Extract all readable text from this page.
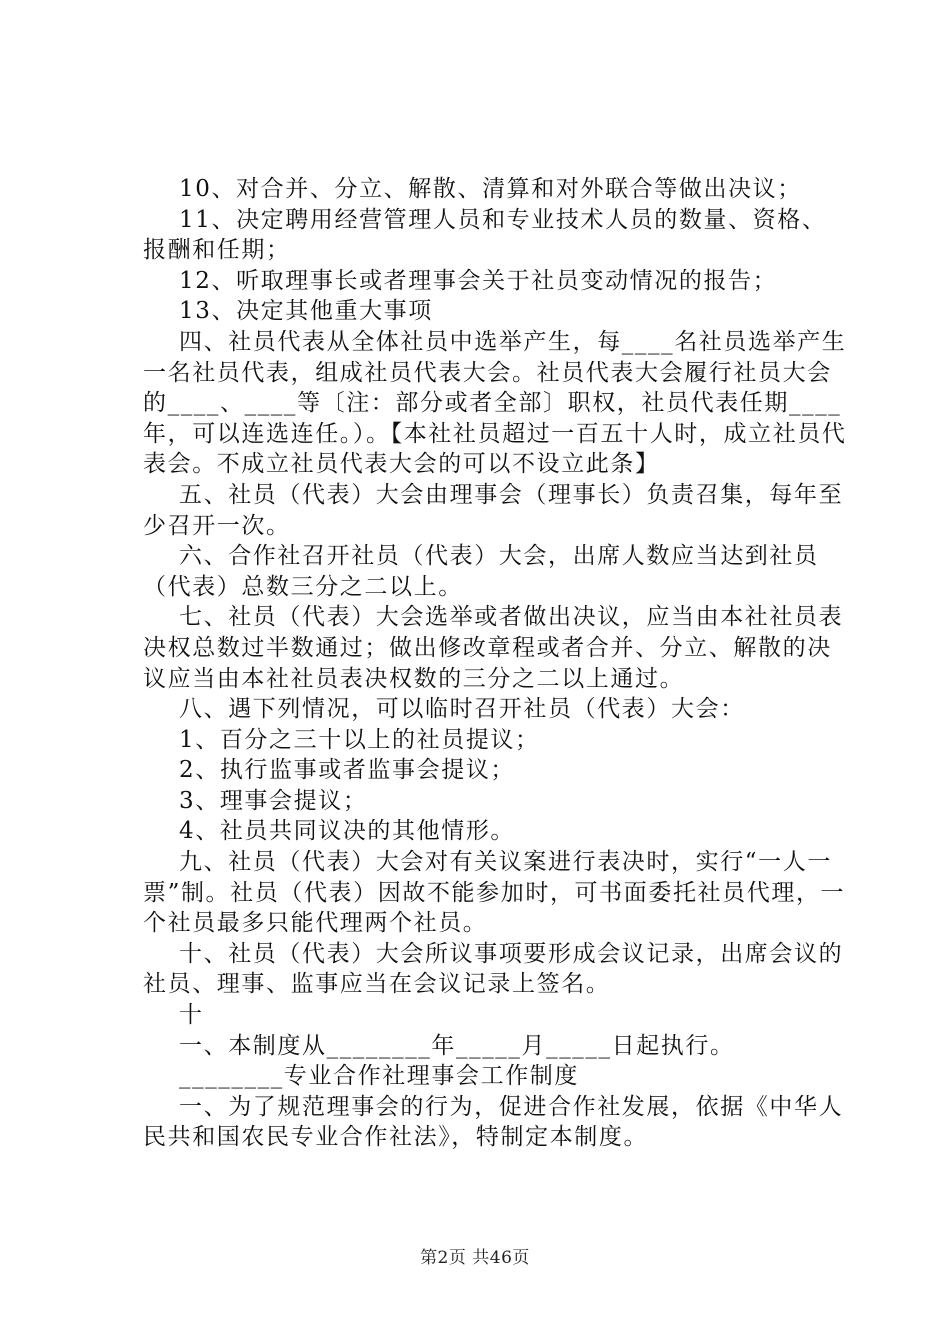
10、对合并、分立、解散、清算和对外联合等做出决议；

11、决定聘用经营管理人员和专业技术人员的数量、资格、报酬和任期；

12、听取理事长或者理事会关于社员变动情况的报告；

13、决定其他重大事项

四、社员代表从全体社员中选举产生，每____名社员选举产生一名社员代表，组成社员代表大会。社员代表大会履行社员大会的____、____等〔注：部分或者全部〕职权，社员代表任期____年，可以连选连任。）。【本社社员超过一百五十人时，成立社员代表会。不成立社员代表大会的可以不设立此条】

五、社员（代表）大会由理事会（理事长）负责召集，每年至少召开一次。

六、合作社召开社员（代表）大会，出席人数应当达到社员（代表）总数三分之二以上。

七、社员（代表）大会选举或者做出决议，应当由本社社员表决权总数过半数通过；做出修改章程或者合并、分立、解散的决议应当由本社社员表决权数的三分之二以上通过。

八、遇下列情况，可以临时召开社员（代表）大会：

1、百分之三十以上的社员提议；

2、执行监事或者监事会提议；

3、理事会提议；

4、社员共同议决的其他情形。

九、社员（代表）大会对有关议案进行表决时，实行“一人一票”制。社员（代表）因故不能参加时，可书面委托社员代理，一个社员最多只能代理两个社员。

十、社员（代表）大会所议事项要形成会议记录，出席会议的社员、理事、监事应当在会议记录上签名。

十

一、本制度从________年_____月_____日起执行。

________专业合作社理事会工作制度

一、为了规范理事会的行为，促进合作社发展，依据《中华人民共和国农民专业合作社法》，特制定本制度。

第2页 共46页
